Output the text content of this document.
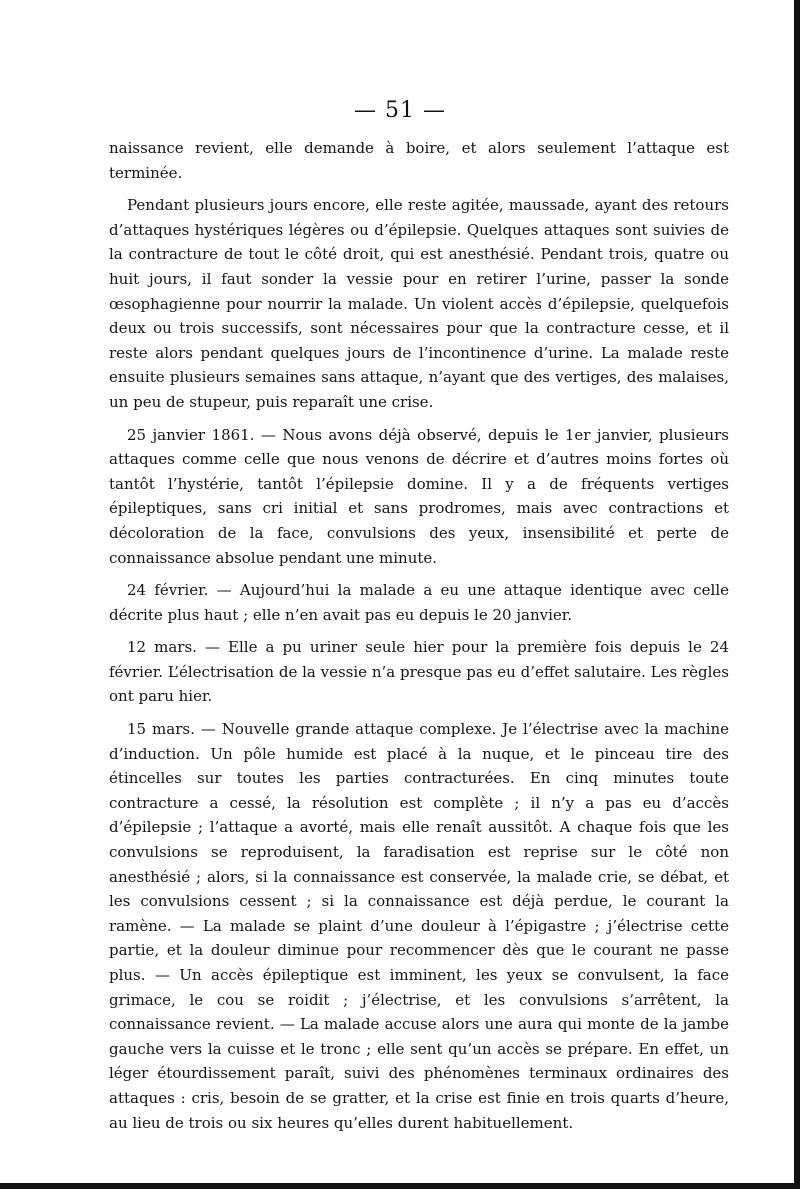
— 51 —

naissance revient, elle demande à boire, et alors seulement l’attaque est terminée.

Pendant plusieurs jours encore, elle reste agitée, maussade, ayant des retours d’attaques hystériques légères ou d’épilepsie. Quelques attaques sont suivies de la contracture de tout le côté droit, qui est anesthésié. Pendant trois, quatre ou huit jours, il faut sonder la vessie pour en retirer l’urine, passer la sonde œsophagienne pour nourrir la malade. Un violent accès d’épilepsie, quelquefois deux ou trois successifs, sont nécessaires pour que la contracture cesse, et il reste alors pendant quelques jours de l’incontinence d’urine. La malade reste ensuite plusieurs semaines sans attaque, n’ayant que des vertiges, des malaises, un peu de stupeur, puis reparaît une crise.

25 janvier 1861. — Nous avons déjà observé, depuis le 1er janvier, plusieurs attaques comme celle que nous venons de décrire et d’autres moins fortes où tantôt l’hystérie, tantôt l’épilepsie domine. Il y a de fréquents vertiges épileptiques, sans cri initial et sans prodromes, mais avec contractions et décoloration de la face, convulsions des yeux, insensibilité et perte de connaissance absolue pendant une minute.

24 février. — Aujourd’hui la malade a eu une attaque identique avec celle décrite plus haut ; elle n’en avait pas eu depuis le 20 janvier.

12 mars. — Elle a pu uriner seule hier pour la première fois depuis le 24 février. L’électrisation de la vessie n’a presque pas eu d’effet salutaire. Les règles ont paru hier.

15 mars. — Nouvelle grande attaque complexe. Je l’électrise avec la machine d’induction. Un pôle humide est placé à la nuque, et le pinceau tire des étincelles sur toutes les parties contracturées. En cinq minutes toute contracture a cessé, la résolution est complète ; il n’y a pas eu d’accès d’épilepsie ; l’attaque a avorté, mais elle renaît aussitôt. A chaque fois que les convulsions se reproduisent, la faradisation est reprise sur le côté non anesthésié ; alors, si la connaissance est conservée, la malade crie, se débat, et les convulsions cessent ; si la connaissance est déjà perdue, le courant la ramène. — La malade se plaint d’une douleur à l’épigastre ; j’électrise cette partie, et la douleur diminue pour recommencer dès que le courant ne passe plus. — Un accès épileptique est imminent, les yeux se convulsent, la face grimace, le cou se roidit ; j’électrise, et les convulsions s’arrêtent, la connaissance revient. — La malade accuse alors une aura qui monte de la jambe gauche vers la cuisse et le tronc ; elle sent qu’un accès se prépare. En effet, un léger étourdissement paraît, suivi des phénomènes terminaux ordinaires des attaques : cris, besoin de se gratter, et la crise est finie en trois quarts d’heure, au lieu de trois ou six heures qu’elles durent habituellement.
